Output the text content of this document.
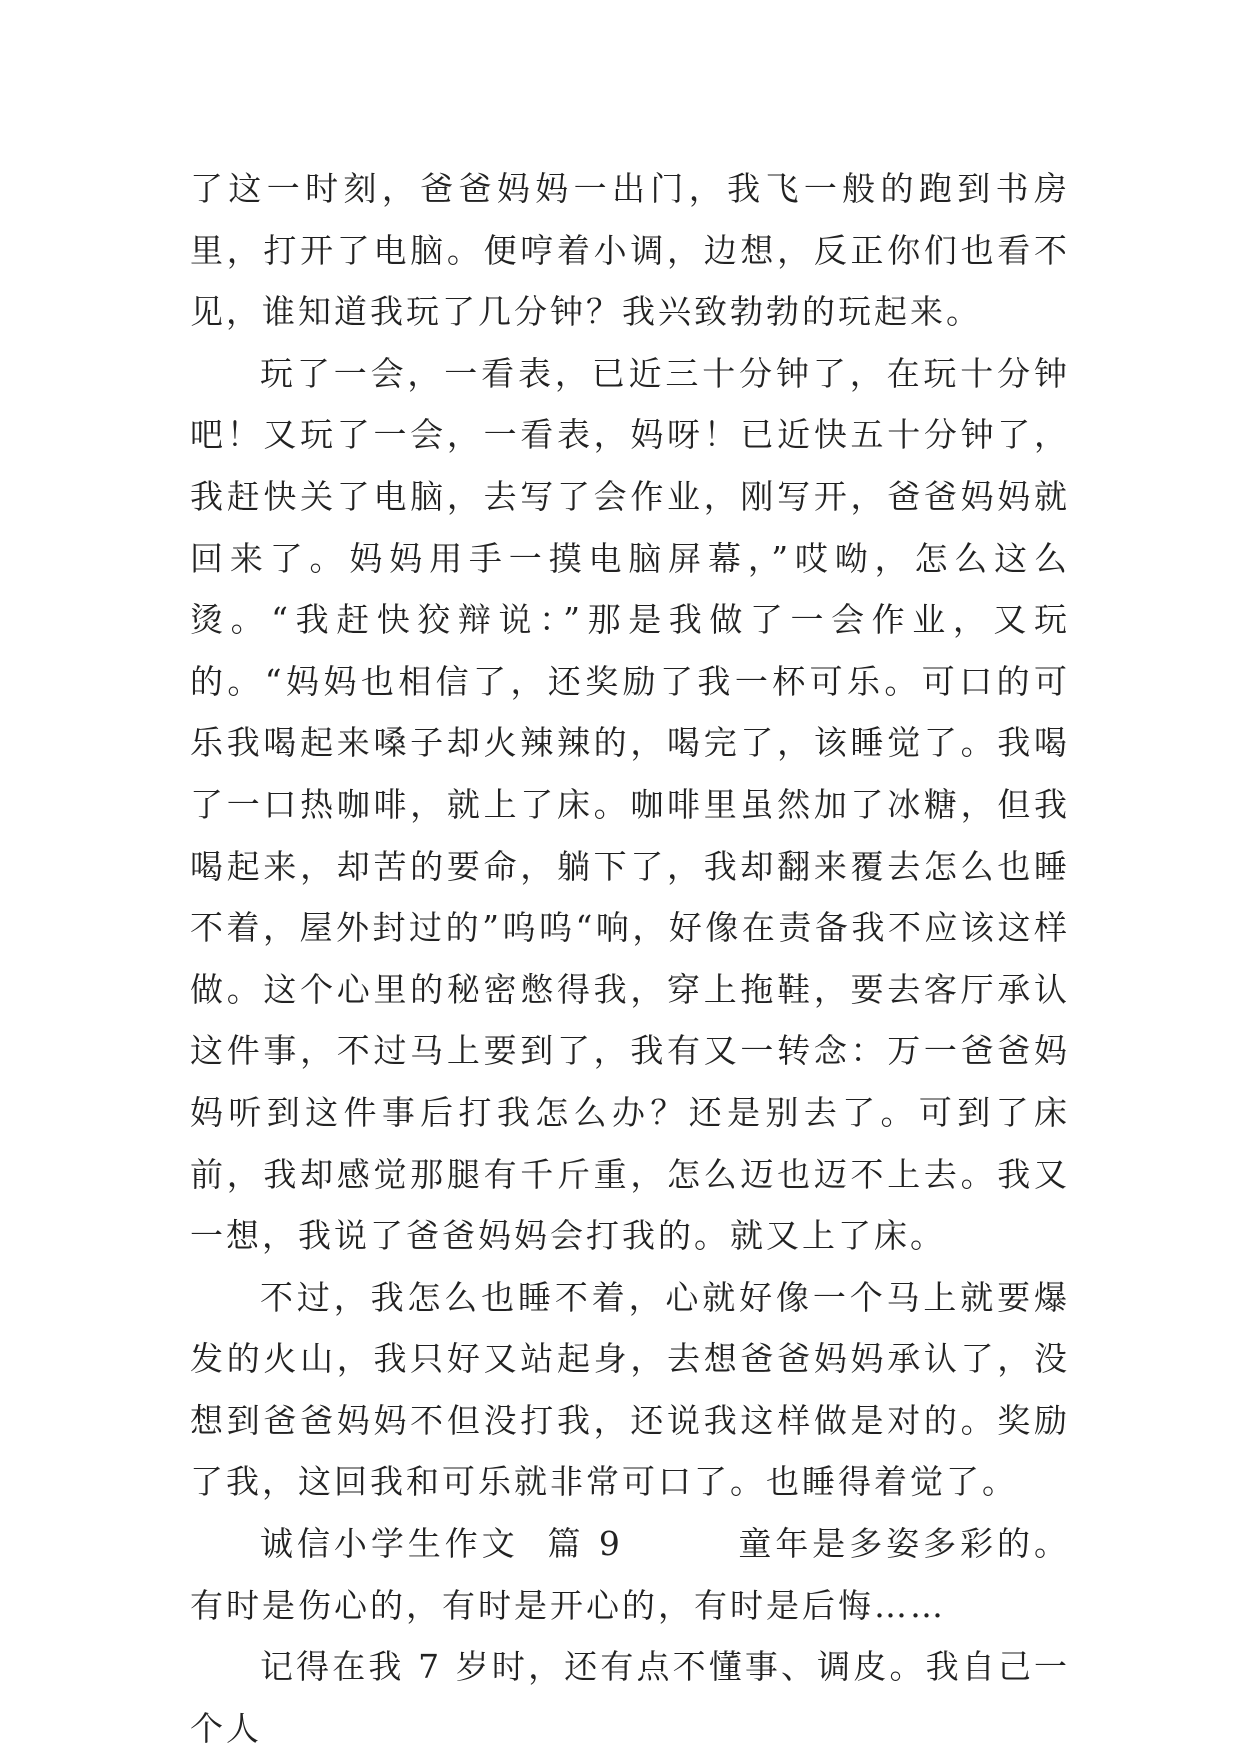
了这一时刻，爸爸妈妈一出门，我飞一般的跑到书房里，打开了电脑。便哼着小调，边想，反正你们也看不见，谁知道我玩了几分钟？我兴致勃勃的玩起来。

玩了一会，一看表，已近三十分钟了，在玩十分钟吧！又玩了一会，一看表，妈呀！已近快五十分钟了，我赶快关了电脑，去写了会作业，刚写开，爸爸妈妈就回来了。妈妈用手一摸电脑屏幕，”哎呦，怎么这么烫。“我赶快狡辩说：”那是我做了一会作业，又玩的。“妈妈也相信了，还奖励了我一杯可乐。可口的可乐我喝起来嗓子却火辣辣的，喝完了，该睡觉了。我喝了一口热咖啡，就上了床。咖啡里虽然加了冰糖，但我喝起来，却苦的要命，躺下了，我却翻来覆去怎么也睡不着，屋外封过的”呜呜“响，好像在责备我不应该这样做。这个心里的秘密憋得我，穿上拖鞋，要去客厅承认这件事，不过马上要到了，我有又一转念：万一爸爸妈妈听到这件事后打我怎么办？还是别去了。可到了床前，我却感觉那腿有千斤重，怎么迈也迈不上去。我又一想，我说了爸爸妈妈会打我的。就又上了床。

不过，我怎么也睡不着，心就好像一个马上就要爆发的火山，我只好又站起身，去想爸爸妈妈承认了，没想到爸爸妈妈不但没打我，还说我这样做是对的。奖励了我，这回我和可乐就非常可口了。也睡得着觉了。

诚信小学生作文  篇 9        童年是多姿多彩的。有时是伤心的，有时是开心的，有时是后悔……

记得在我 7 岁时，还有点不懂事、调皮。我自己一个人
